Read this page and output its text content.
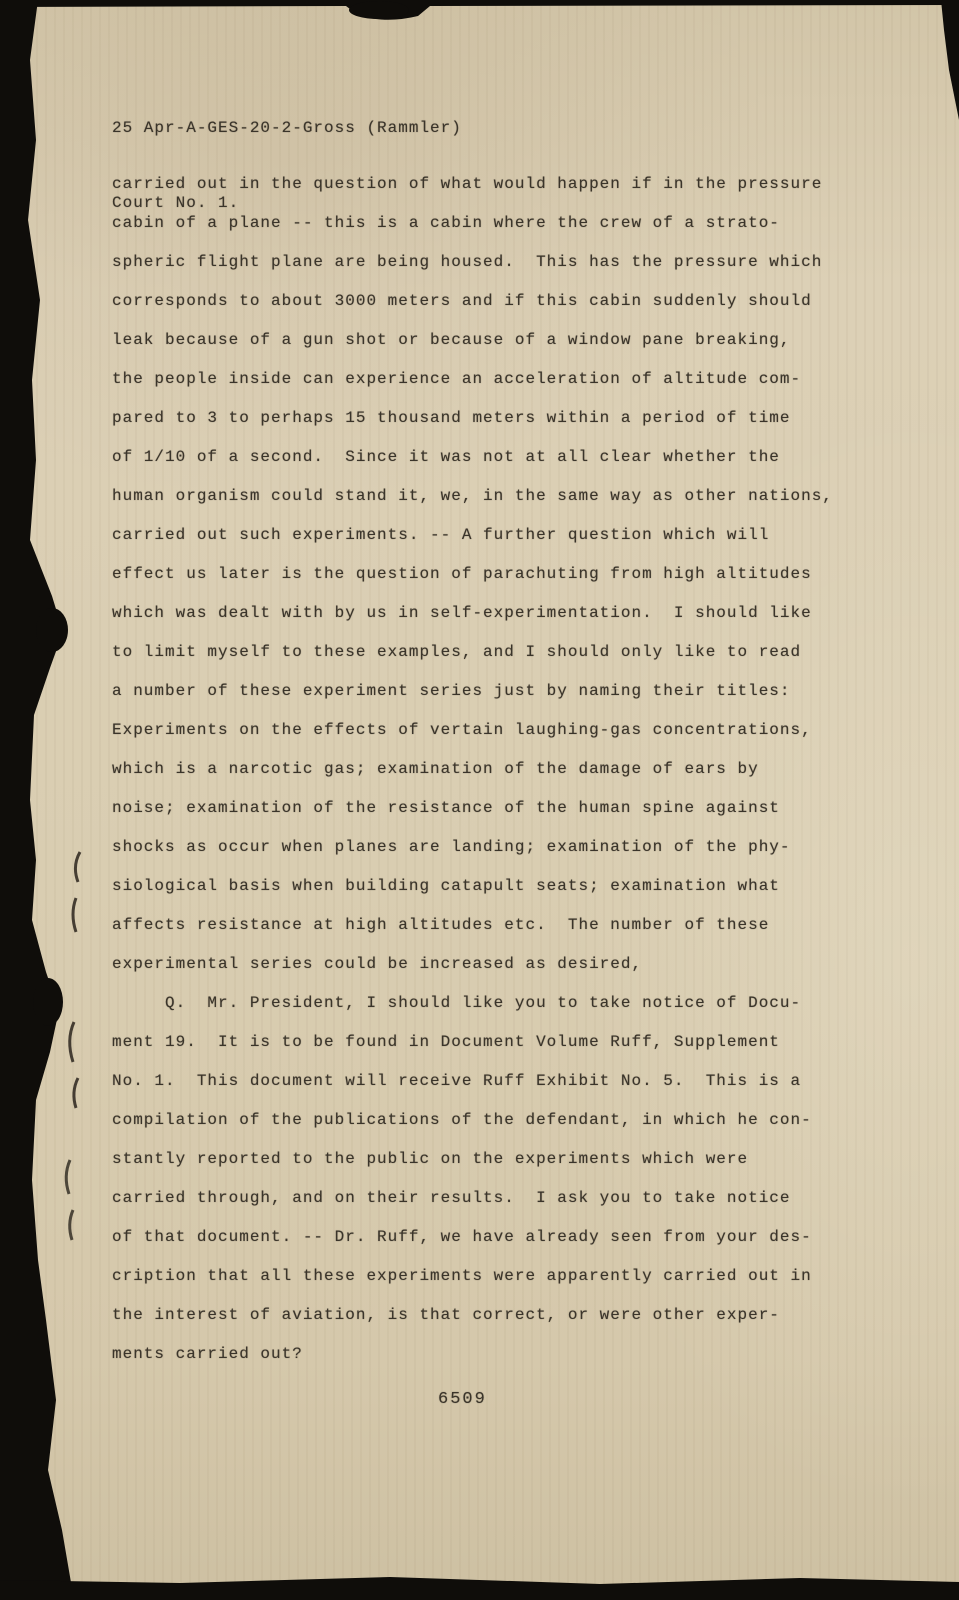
25 Apr-A-GES-20-2-Gross (Rammler)

Court No. 1.

carried out in the question of what would happen if in the pressure
cabin of a plane -- this is a cabin where the crew of a strato-
spheric flight plane are being housed.  This has the pressure which
corresponds to about 3000 meters and if this cabin suddenly should
leak because of a gun shot or because of a window pane breaking,
the people inside can experience an acceleration of altitude com-
pared to 3 to perhaps 15 thousand meters within a period of time
of 1/10 of a second.  Since it was not at all clear whether the
human organism could stand it, we, in the same way as other nations,
carried out such experiments. -- A further question which will
effect us later is the question of parachuting from high altitudes
which was dealt with by us in self-experimentation.  I should like
to limit myself to these examples, and I should only like to read
a number of these experiment series just by naming their titles:
Experiments on the effects of vertain laughing-gas concentrations,
which is a narcotic gas; examination of the damage of ears by
noise; examination of the resistance of the human spine against
shocks as occur when planes are landing; examination of the phy-
siological basis when building catapult seats; examination what
affects resistance at high altitudes etc.  The number of these
experimental series could be increased as desired,
Q.  Mr. President, I should like you to take notice of Docu-
ment 19.  It is to be found in Document Volume Ruff, Supplement
No. 1.  This document will receive Ruff Exhibit No. 5.  This is a
compilation of the publications of the defendant, in which he con-
stantly reported to the public on the experiments which were
carried through, and on their results.  I ask you to take notice
of that document. -- Dr. Ruff, we have already seen from your des-
cription that all these experiments were apparently carried out in
the interest of aviation, is that correct, or were other exper-
ments carried out?
6509
